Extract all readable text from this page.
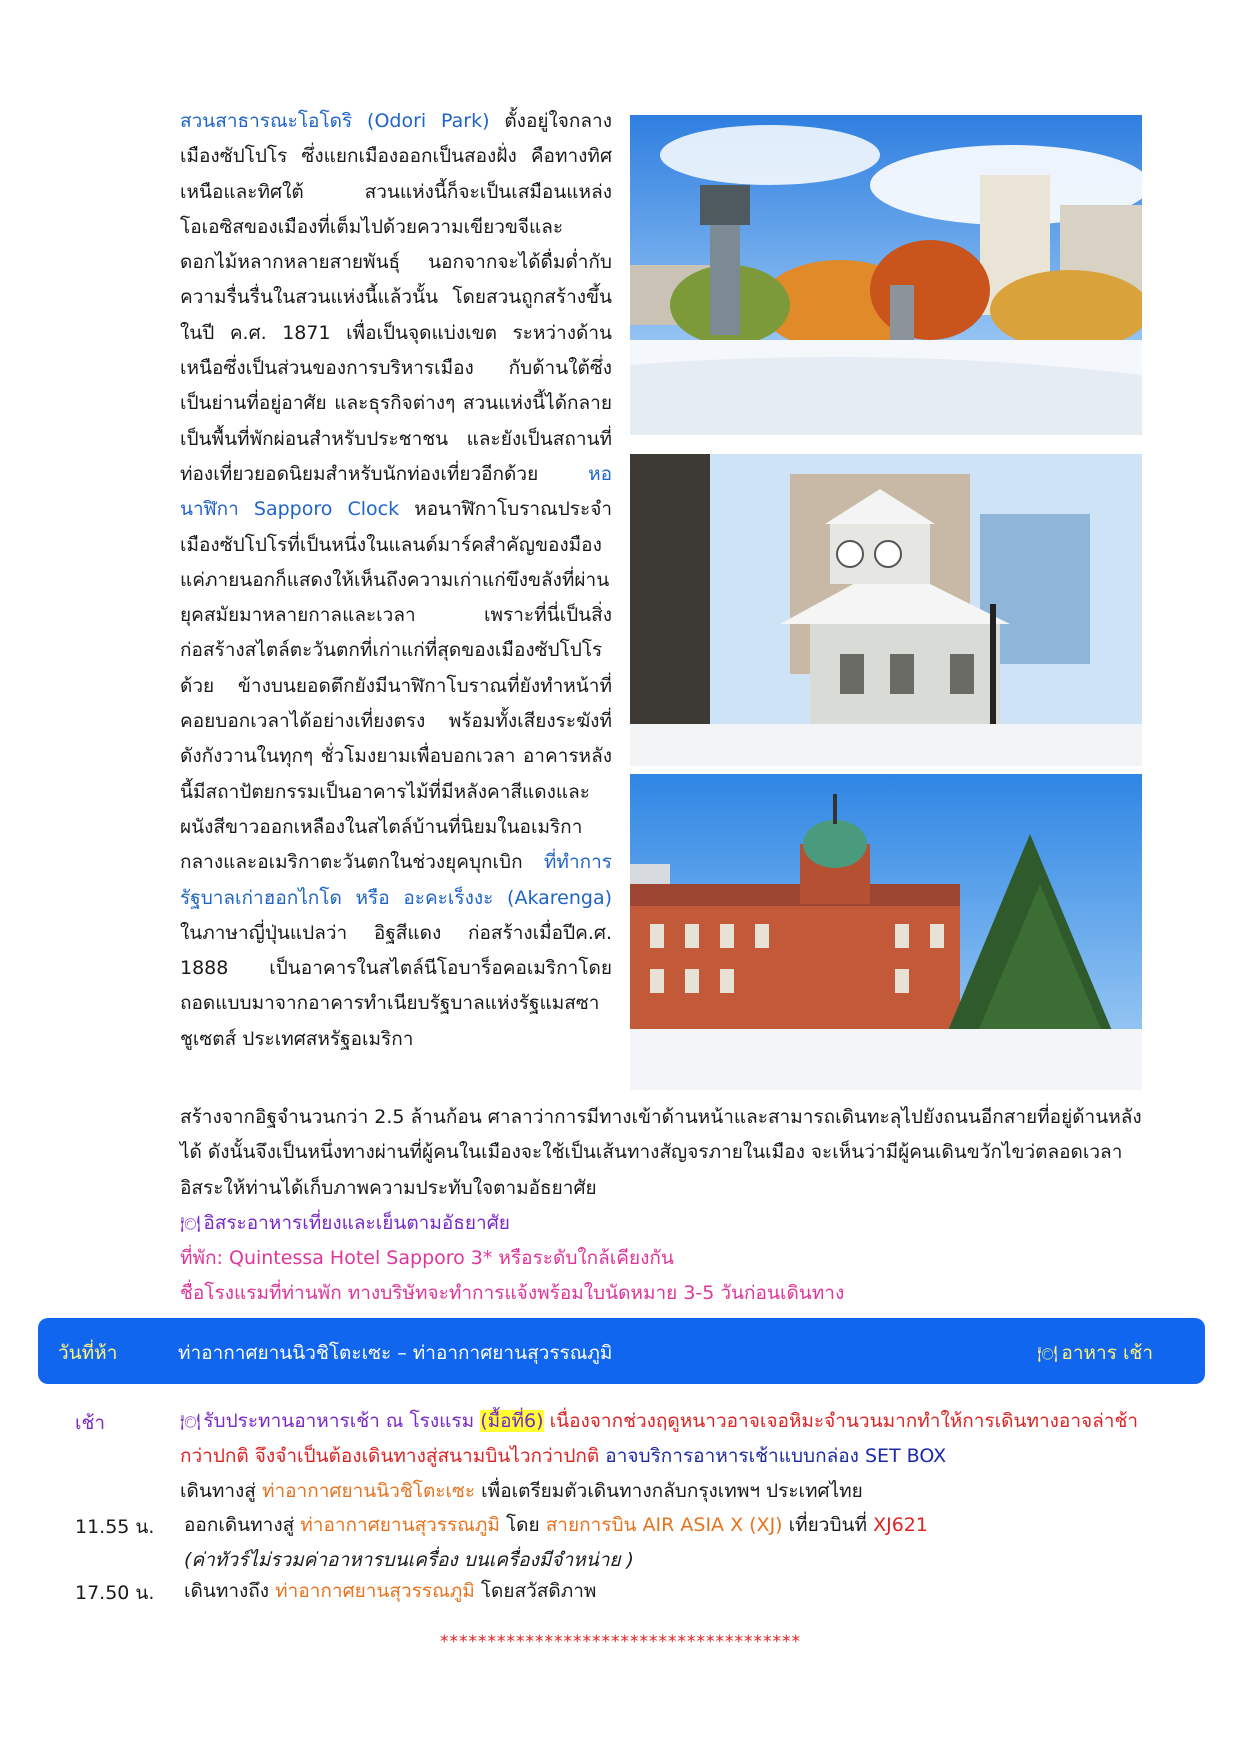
สวนสาธารณะโอโดริ (Odori Park) ตั้งอยู่ใจกลางเมืองซัปโปโร ซึ่งแยกเมืองออกเป็นสองฝั่ง คือทางทิศเหนือและทิศใต้ สวนแห่งนี้ก็จะเป็นเสมือนแหล่งโอเอซิสของเมืองที่เต็มไปด้วยความเขียวขจีและดอกไม้หลากหลายสายพันธุ์ นอกจากจะได้ดื่มด่ำกับความรื่นรื่นในสวนแห่งนี้แล้วนั้น โดยสวนถูกสร้างขึ้นในปี ค.ศ. 1871 เพื่อเป็นจุดแบ่งเขต ระหว่างด้านเหนือซึ่งเป็นส่วนของการบริหารเมือง กับด้านใต้ซึ่งเป็นย่านที่อยู่อาศัย และธุรกิจต่างๆ สวนแห่งนี้ได้กลายเป็นพื้นที่พักผ่อนสำหรับประชาชน และยังเป็นสถานที่ท่องเที่ยวยอดนิยมสำหรับนักท่องเที่ยวอีกด้วย หอนาฬิกา Sapporo Clock หอนาฬิกาโบราณประจำเมืองซัปโปโรที่เป็นหนึ่งในแลนด์มาร์คสำคัญของมือง แค่ภายนอกก็แสดงให้เห็นถึงความเก่าแก่ขึงขลังที่ผ่านยุคสมัยมาหลายกาลและเวลา เพราะที่นี่เป็นสิ่งก่อสร้างสไตล์ตะวันตกที่เก่าแก่ที่สุดของเมืองซัปโปโรด้วย ข้างบนยอดตึกยังมีนาฬิกาโบราณที่ยังทำหน้าที่คอยบอกเวลาได้อย่างเที่ยงตรง พร้อมทั้งเสียงระฆังที่ดังกังวานในทุกๆ ชั่วโมงยามเพื่อบอกเวลา อาคารหลังนี้มีสถาปัตยกรรมเป็นอาคารไม้ที่มีหลังคาสีแดงและผนังสีขาวออกเหลืองในสไตล์บ้านที่นิยมในอเมริกากลางและอเมริกาตะวันตกในช่วงยุคบุกเบิก ที่ทำการรัฐบาลเก่าฮอกไกโด หรือ อะคะเร็งงะ (Akarenga) ในภาษาญี่ปุ่นแปลว่า อิฐสีแดง ก่อสร้างเมื่อปีค.ศ. 1888 เป็นอาคารในสไตล์นีโอบาร็อคอเมริกาโดยถอดแบบมาจากอาคารทำเนียบรัฐบาลแห่งรัฐแมสซาชูเซตส์ ประเทศสหรัฐอเมริกา

สร้างจากอิฐจำนวนกว่า 2.5 ล้านก้อน ศาลาว่าการมีทางเข้าด้านหน้าและสามารถเดินทะลุไปยังถนนอีกสายที่อยู่ด้านหลังได้ ดังนั้นจึงเป็นหนึ่งทางผ่านที่ผู้คนในเมืองจะใช้เป็นเส้นทางสัญจรภายในเมือง จะเห็นว่ามีผู้คนเดินขวักไขว่ตลอดเวลา อิสระให้ท่านได้เก็บภาพความประทับใจตามอัธยาศัย

🍽 อิสระอาหารเที่ยงและเย็นตามอัธยาศัย

ที่พัก: Quintessa Hotel Sapporo 3* หรือระดับใกล้เคียงกัน

ชื่อโรงแรมที่ท่านพัก ทางบริษัทจะทำการแจ้งพร้อมใบนัดหมาย 3-5 วันก่อนเดินทาง

วันที่ห้า	ท่าอากาศยานนิวชิโตะเซะ – ท่าอากาศยานสุวรรณภูมิ	🍽 อาหาร เช้า
เช้า	🍽 รับประทานอาหารเช้า ณ โรงแรม (มื้อที่6) เนื่องจากช่วงฤดูหนาวอาจเจอหิมะจำนวนมากทำให้การเดินทางอาจล่าช้ากว่าปกติ จึงจำเป็นต้องเดินทางสู่สนามบินไวกว่าปกติ อาจบริการอาหารเช้าแบบกล่อง SET BOX
เดินทางสู่ ท่าอากาศยานนิวชิโตะเซะ เพื่อเตรียมตัวเดินทางกลับกรุงเทพฯ ประเทศไทย
11.55 น.	ออกเดินทางสู่ ท่าอากาศยานสุวรรณภูมิ โดย สายการบิน AIR ASIA X (XJ) เที่ยวบินที่ XJ621
(ค่าทัวร์ไม่รวมค่าอาหารบนเครื่อง บนเครื่องมีจำหน่าย )
17.50 น.	เดินทางถึง ท่าอากาศยานสุวรรณภูมิ โดยสวัสดิภาพ
**************************************
